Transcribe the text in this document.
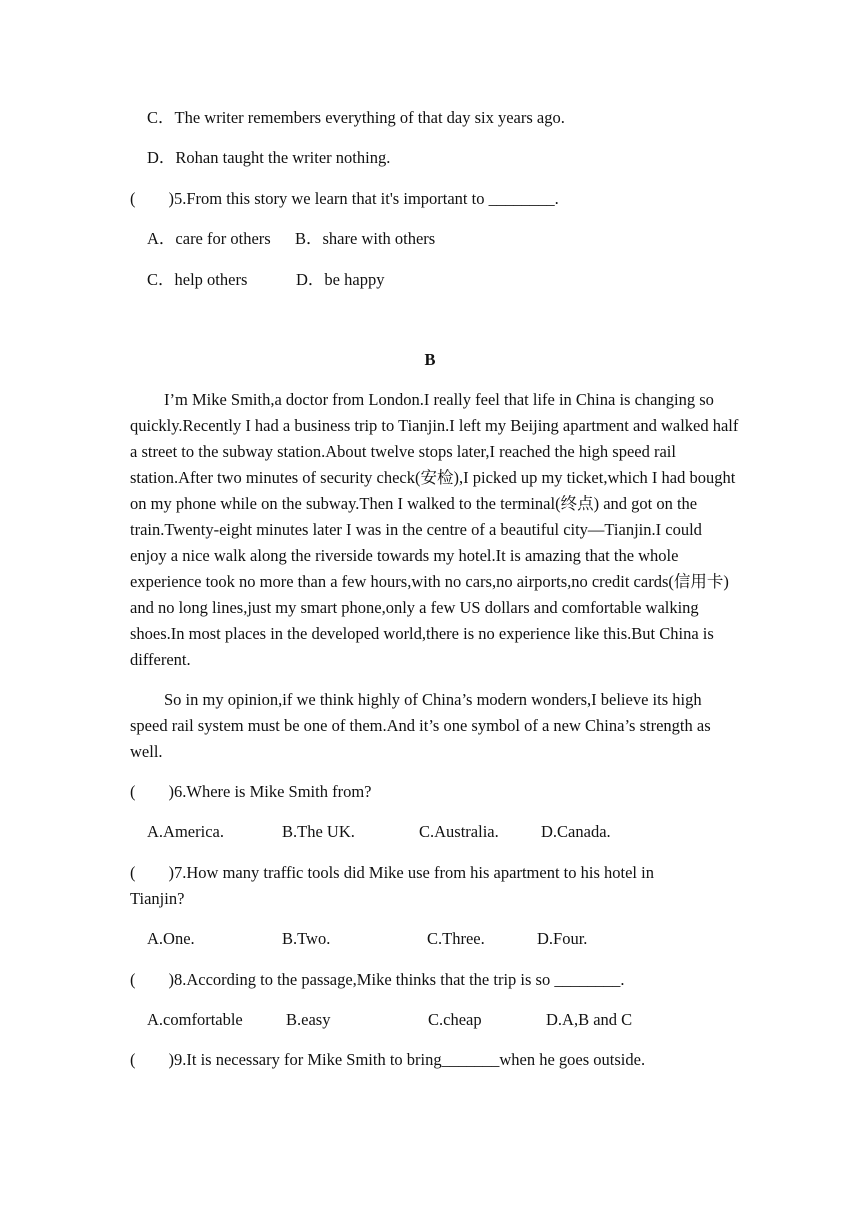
C．The writer remembers everything of that day six years ago.
D．Rohan taught the writer nothing.
(        )5.From this story we learn that it's important to ________.
A．care for others B．share with others
C．help others	D．be happy
B

I’m Mike Smith,a doctor from London.I really feel that life in China is changing so quickly.Recently I had a business trip to Tianjin.I left my Beijing apartment and walked half a street to the subway station.About twelve stops later,I reached the high speed rail station.After two minutes of security check(安检),I picked up my ticket,which I had bought on my phone while on the subway.Then I walked to the terminal(终点) and got on the train.Twenty-eight minutes later I was in the centre of a beautiful city—Tianjin.I could enjoy a nice walk along the riverside towards my hotel.It is amazing that the whole experience took no more than a few hours,with no cars,no airports,no credit cards(信用卡) and no long lines,just my smart phone,only a few US dollars and comfortable walking shoes.In most places in the developed world,there is no experience like this.But China is different.

So in my opinion,if we think highly of China’s modern wonders,I believe its high speed rail system must be one of them.And it’s one symbol of a new China’s strength as well.

(        )6.Where is Mike Smith from?
A.America.	B.The UK.	C.Australia.	D.Canada.
(        )7.How many traffic tools did Mike use from his apartment to his hotel in
Tianjin?
A.One.	B.Two.	C.Three.	D.Four.
(        )8.According to the passage,Mike thinks that the trip is so ________.
A.comfortable	B.easy	C.cheap	D.A,B and C
(        )9.It is necessary for Mike Smith to bring_______when he goes outside.
